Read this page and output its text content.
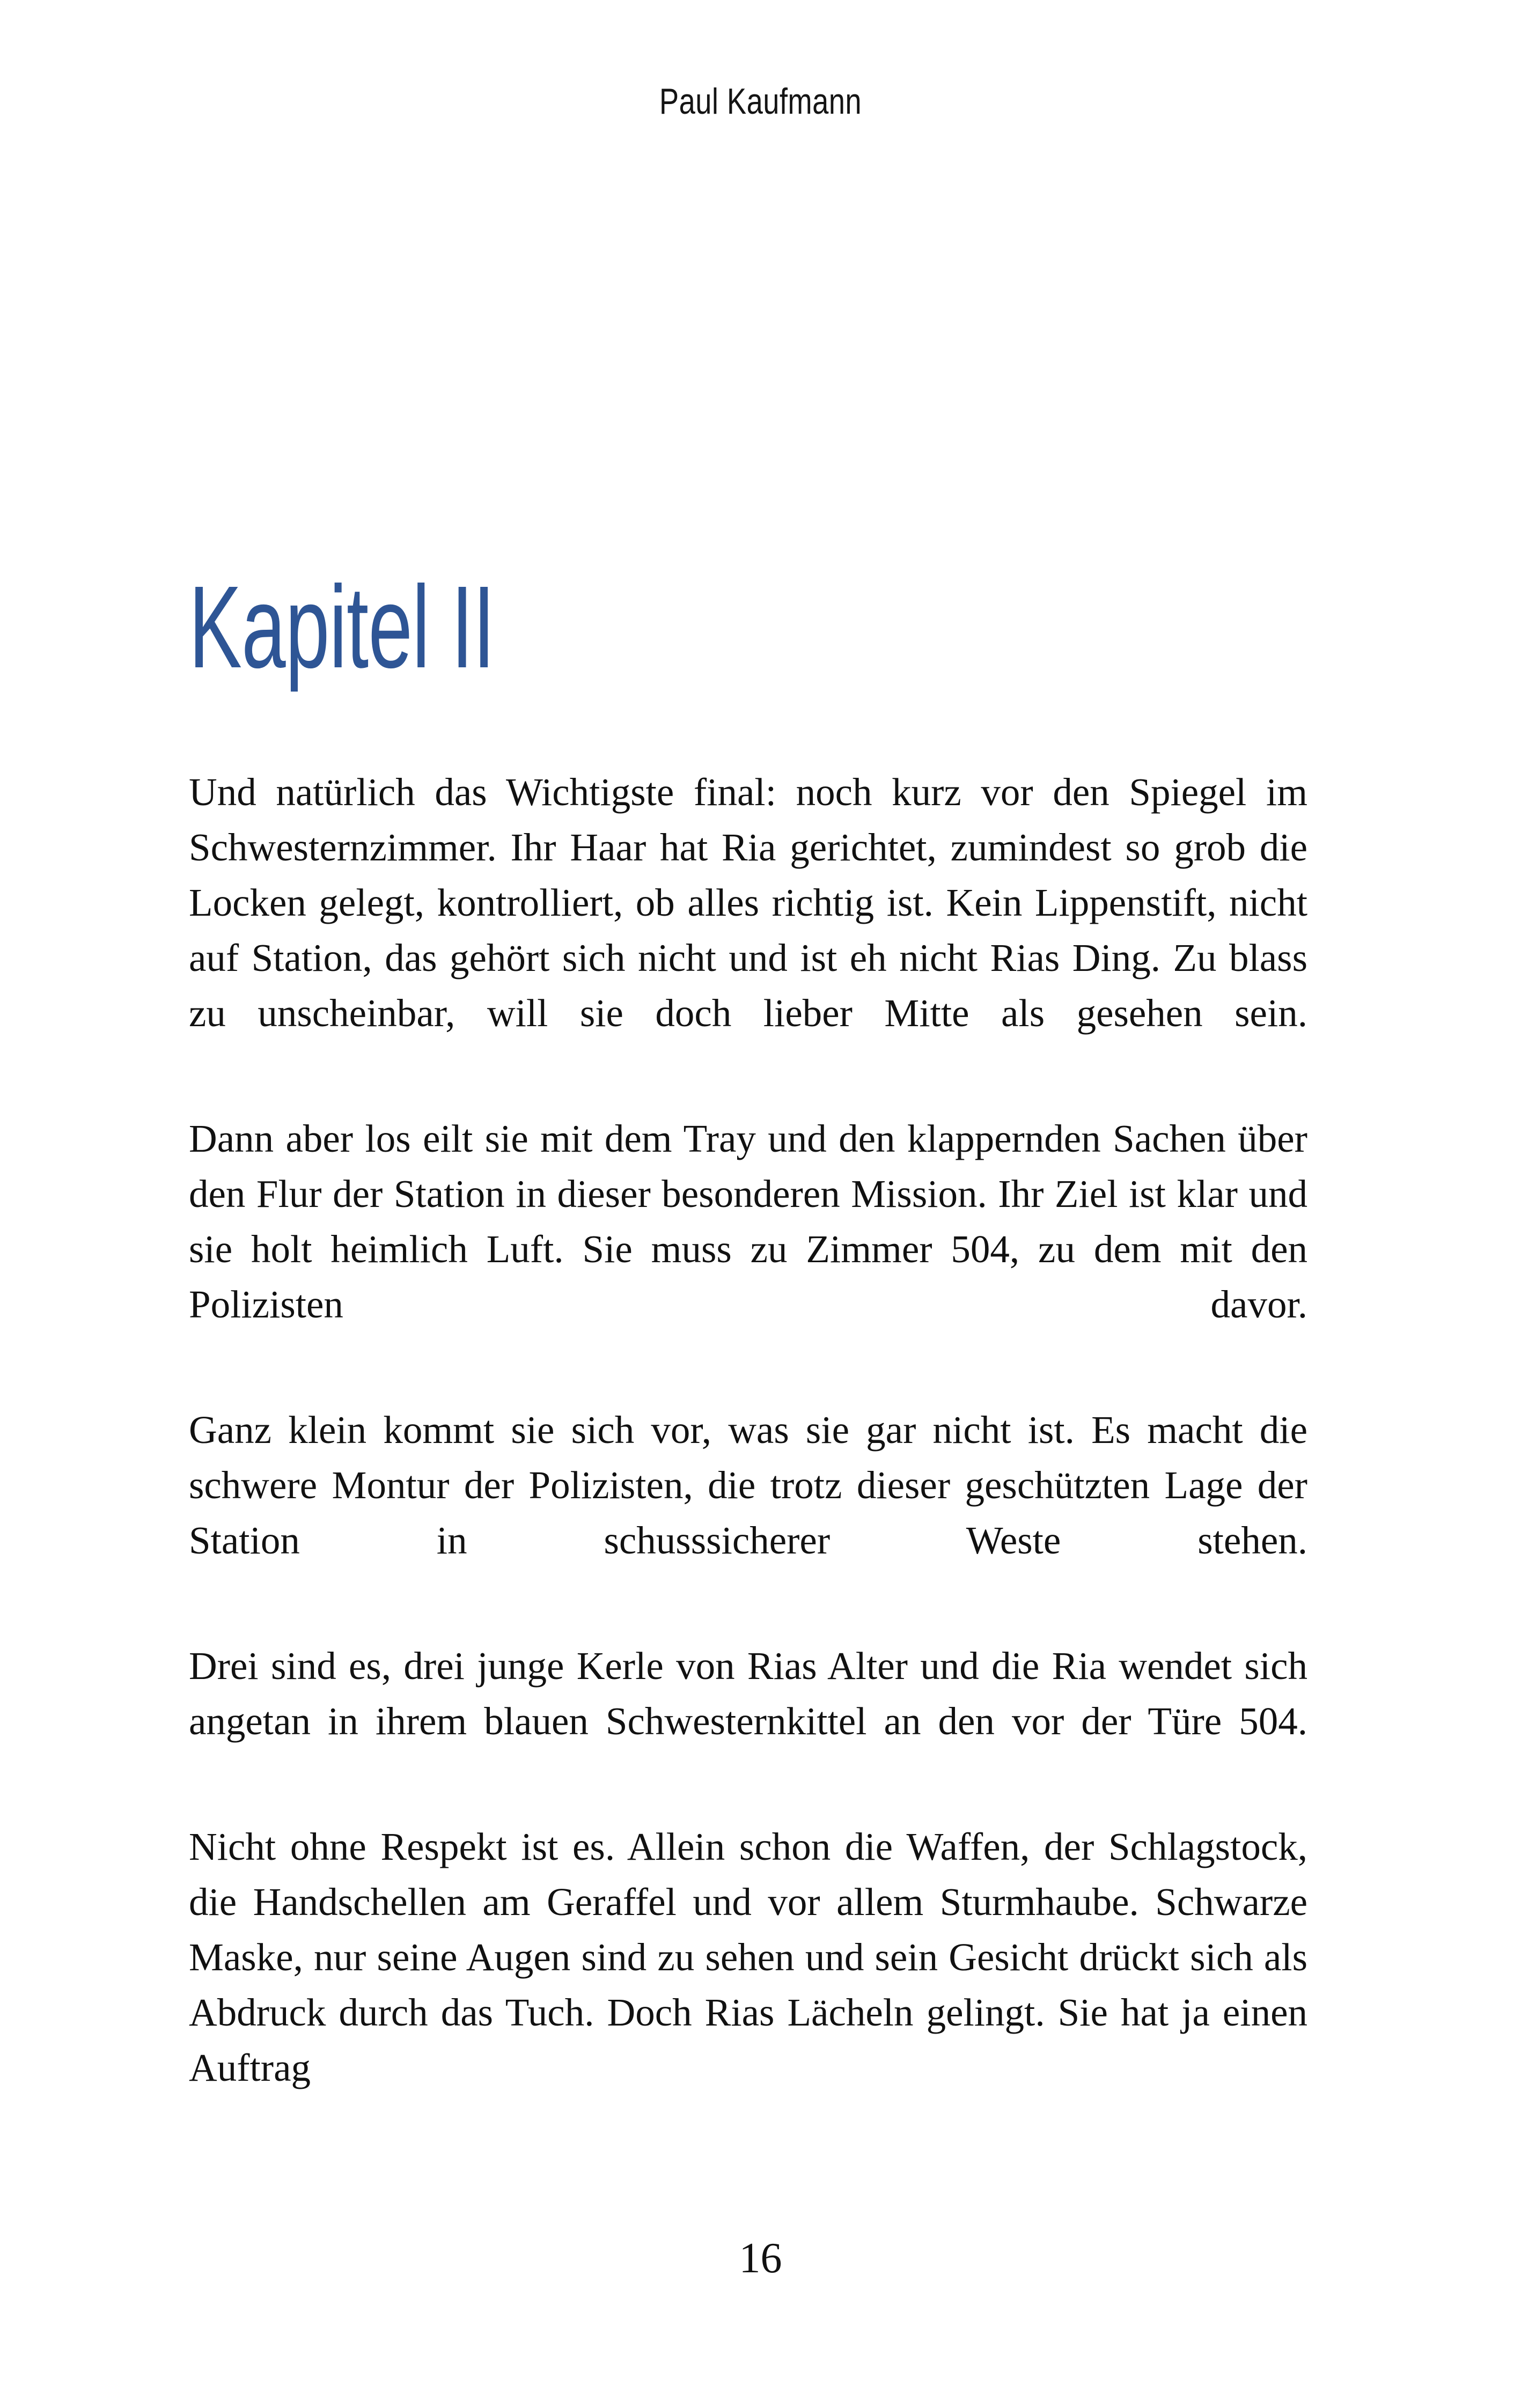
Paul Kaufmann
Kapitel II

Und natürlich das Wichtigste final: noch kurz vor den Spiegel im Schwesternzimmer. Ihr Haar hat Ria gerichtet, zumindest so grob die Locken gelegt, kontrolliert, ob alles richtig ist. Kein Lippenstift, nicht auf Station, das gehört sich nicht und ist eh nicht Rias Ding. Zu blass zu unscheinbar, will sie doch lieber Mitte als gesehen sein.

Dann aber los eilt sie mit dem Tray und den klappernden Sachen über den Flur der Station in dieser besonderen Mission. Ihr Ziel ist klar und sie holt heimlich Luft. Sie muss zu Zimmer 504, zu dem mit den Polizisten davor.

Ganz klein kommt sie sich vor, was sie gar nicht ist. Es macht die schwere Montur der Polizisten, die trotz dieser geschützten Lage der Station in schusssicherer Weste stehen.

Drei sind es, drei junge Kerle von Rias Alter und die Ria wendet sich angetan in ihrem blauen Schwesternkittel an den vor der Türe 504.

Nicht ohne Respekt ist es. Allein schon die Waffen, der Schlagstock, die Handschellen am Geraffel und vor allem Sturmhaube. Schwarze Maske, nur seine Augen sind zu sehen und sein Gesicht drückt sich als Abdruck durch das Tuch. Doch Rias Lächeln gelingt. Sie hat ja einen Auftrag

16
